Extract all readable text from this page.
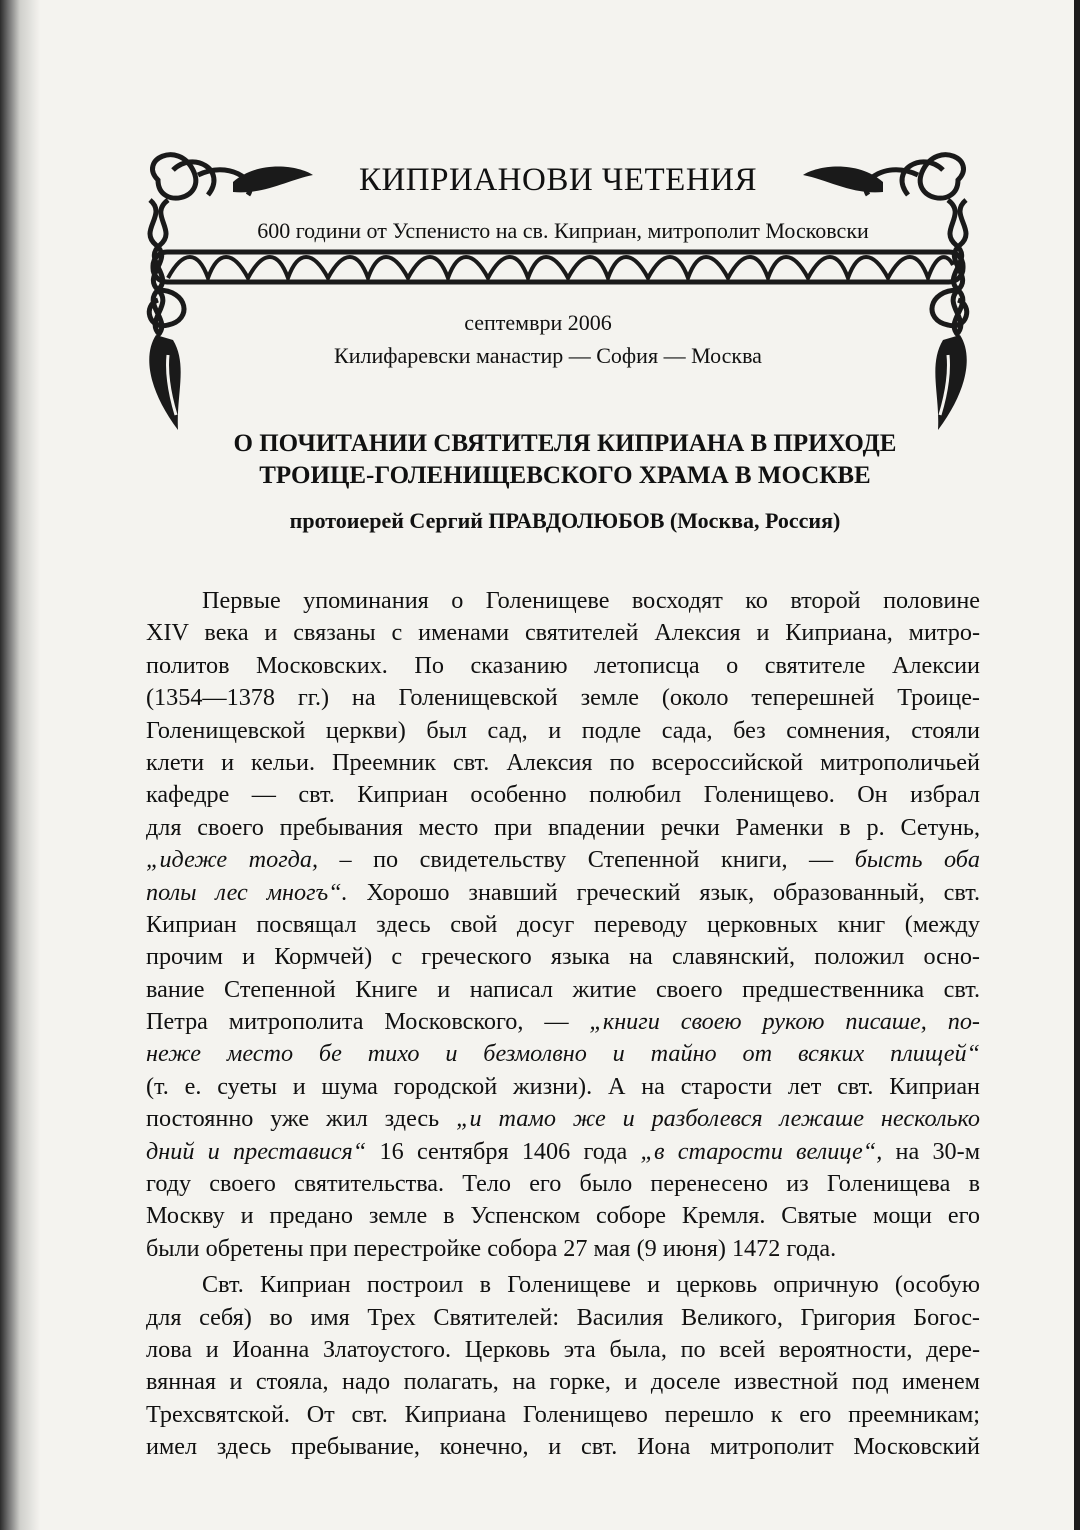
КИПРИАНОВИ ЧЕТЕНИЯ
600 години от Успенисто на св. Киприан, митрополит Московски
септември 2006
Килифаревски манастир — София — Москва
О ПОЧИТАНИИ СВЯТИТЕЛЯ КИПРИАНА В ПРИХОДЕ
ТРОИЦЕ-ГОЛЕНИЩЕВСКОГО ХРАМА В МОСКВЕ
протоиерей Сергий ПРАВДОЛЮБОВ (Москва, Россия)
Первые упоминания о Голенищеве восходят ко второй половине
XIV века и связаны с именами святителей Алексия и Киприана, митро-
политов Московских. По сказанию летописца о святителе Алексии
(1354—1378 гг.) на Голенищевской земле (около теперешней Троице-
Голенищевской церкви) был сад, и подле сада, без сомнения, стояли
клети и кельи. Преемник свт. Алексия по всероссийской митрополичьей
кафедре — свт. Киприан особенно полюбил Голенищево. Он избрал
для своего пребывания место при впадении речки Раменки в р. Сетунь,
„идеже тогда, – по свидетельству Степенной книги, — бысть оба
полы лес многъ“. Хорошо знавший греческий язык, образованный, свт.
Киприан посвящал здесь свой досуг переводу церковных книг (между
прочим и Кормчей) с греческого языка на славянский, положил осно-
вание Степенной Книге и написал житие своего предшественника свт.
Петра митрополита Московского, — „книги своею рукою писаше, по-
неже место бе тихо и безмолвно и тайно от всяких плищей“
(т. е. суеты и шума городской жизни). А на старости лет свт. Киприан
постоянно уже жил здесь „и тамо же и разболевся лежаше несколько
дний и преставися“ 16 сентября 1406 года „в старости велице“, на 30-м
году своего святительства. Тело его было перенесено из Голенищева в
Москву и предано земле в Успенском соборе Кремля. Святые мощи его
были обретены при перестройке собора 27 мая (9 июня) 1472 года.
Свт. Киприан построил в Голенищеве и церковь опричную (особую
для себя) во имя Трех Святителей: Василия Великого, Григория Богос-
лова и Иоанна Златоустого. Церковь эта была, по всей вероятности, дере-
вянная и стояла, надо полагать, на горке, и доселе известной под именем
Трехсвятской. От свт. Киприана Голенищево перешло к его преемникам;
имел здесь пребывание, конечно, и свт. Иона митрополит Московский
